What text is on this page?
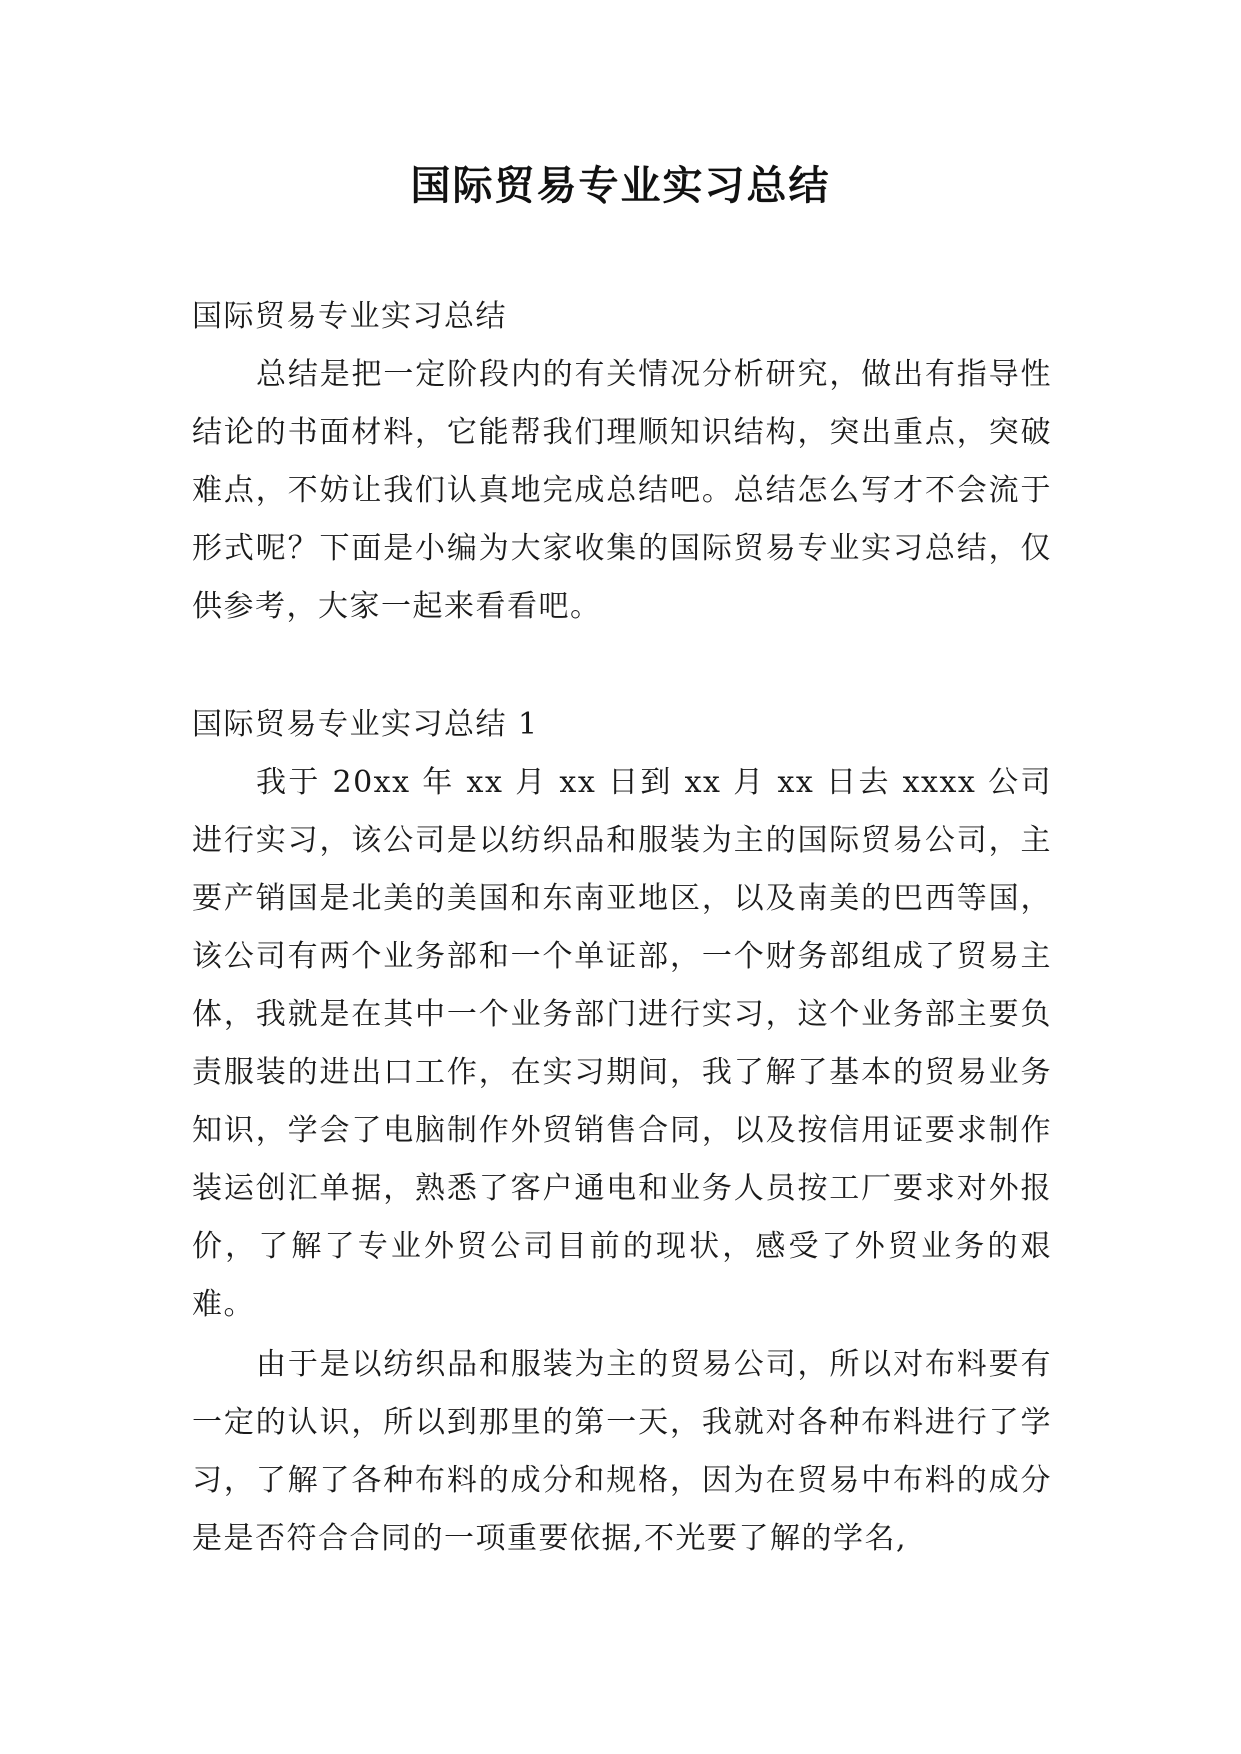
国际贸易专业实习总结

国际贸易专业实习总结

总结是把一定阶段内的有关情况分析研究，做出有指导性结论的书面材料，它能帮我们理顺知识结构，突出重点，突破难点，不妨让我们认真地完成总结吧。总结怎么写才不会流于形式呢？下面是小编为大家收集的国际贸易专业实习总结，仅供参考，大家一起来看看吧。

国际贸易专业实习总结 1

我于 20xx 年 xx 月 xx 日到 xx 月 xx 日去 xxxx 公司进行实习，该公司是以纺织品和服装为主的国际贸易公司，主要产销国是北美的美国和东南亚地区，以及南美的巴西等国，该公司有两个业务部和一个单证部，一个财务部组成了贸易主体，我就是在其中一个业务部门进行实习，这个业务部主要负责服装的进出口工作，在实习期间，我了解了基本的贸易业务知识，学会了电脑制作外贸销售合同，以及按信用证要求制作装运创汇单据，熟悉了客户通电和业务人员按工厂要求对外报价，了解了专业外贸公司目前的现状，感受了外贸业务的艰难。

由于是以纺织品和服装为主的贸易公司，所以对布料要有一定的认识，所以到那里的第一天，我就对各种布料进行了学习，了解了各种布料的成分和规格，因为在贸易中布料的成分是是否符合合同的一项重要依据,不光要了解的学名,
